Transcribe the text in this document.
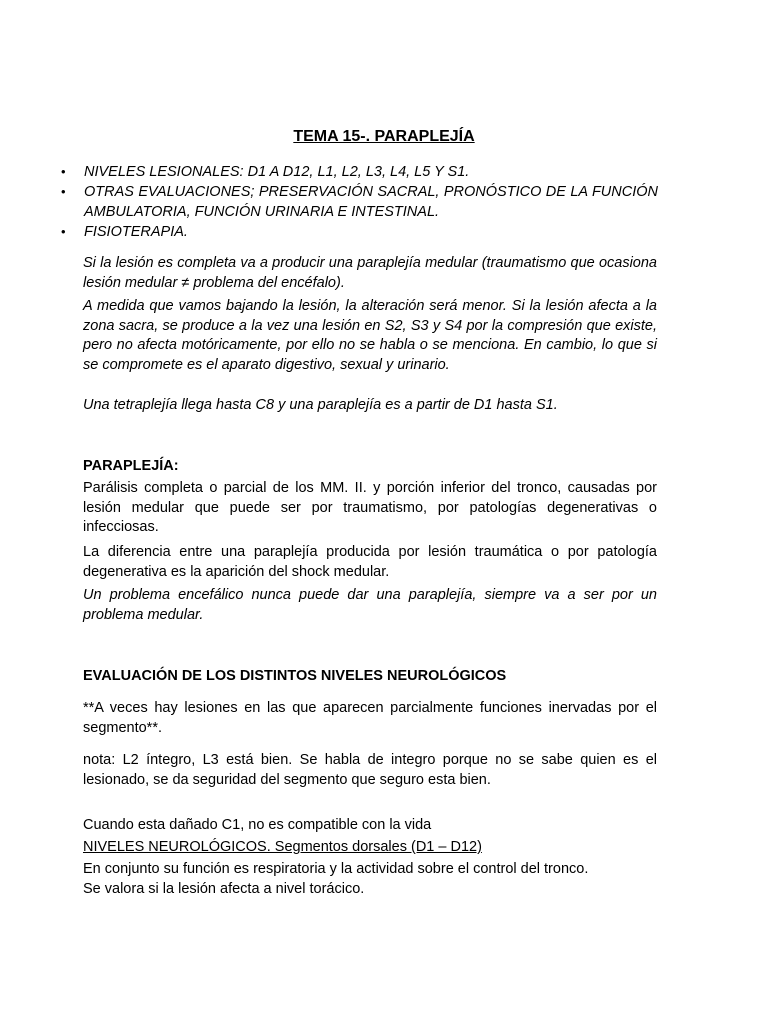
TEMA 15-. PARAPLEJÍA
• NIVELES LESIONALES: D1 A D12, L1, L2, L3, L4, L5 Y S1.
• OTRAS EVALUACIONES; PRESERVACIÓN SACRAL, PRONÓSTICO DE LA FUNCIÓN AMBULATORIA, FUNCIÓN URINARIA E INTESTINAL.
• FISIOTERAPIA.

Si la lesión es completa va a producir una paraplejía medular (traumatismo que ocasiona lesión medular ≠ problema del encéfalo).

A medida que vamos bajando la lesión, la alteración será menor. Si la lesión afecta a la zona sacra, se produce a la vez una lesión en S2, S3 y S4 por la compresión que existe, pero no afecta motóricamente, por ello no se habla o se menciona. En cambio, lo que si se compromete es el aparato digestivo, sexual y urinario.

Una tetraplejía llega hasta C8 y una paraplejía es a partir de D1 hasta S1.

PARAPLEJÍA:

Parálisis completa o parcial de los MM. II. y porción inferior del tronco, causadas por lesión medular que puede ser por traumatismo, por patologías degenerativas o infecciosas.

La diferencia entre una paraplejía producida por lesión traumática o por patología degenerativa es la aparición del shock medular.

Un problema encefálico nunca puede dar una paraplejía, siempre va a ser por un problema medular.

EVALUACIÓN DE LOS DISTINTOS NIVELES NEUROLÓGICOS

**A veces hay lesiones en las que aparecen parcialmente funciones inervadas por el segmento**.

nota: L2 íntegro, L3 está bien. Se habla de integro porque no se sabe quien es el lesionado, se da seguridad del segmento que seguro esta bien.

Cuando esta dañado C1, no es compatible con la vida

NIVELES NEUROLÓGICOS. Segmentos dorsales (D1 – D12)

En conjunto su función es respiratoria y la actividad sobre el control del tronco.

Se valora si la lesión afecta a nivel torácico.
